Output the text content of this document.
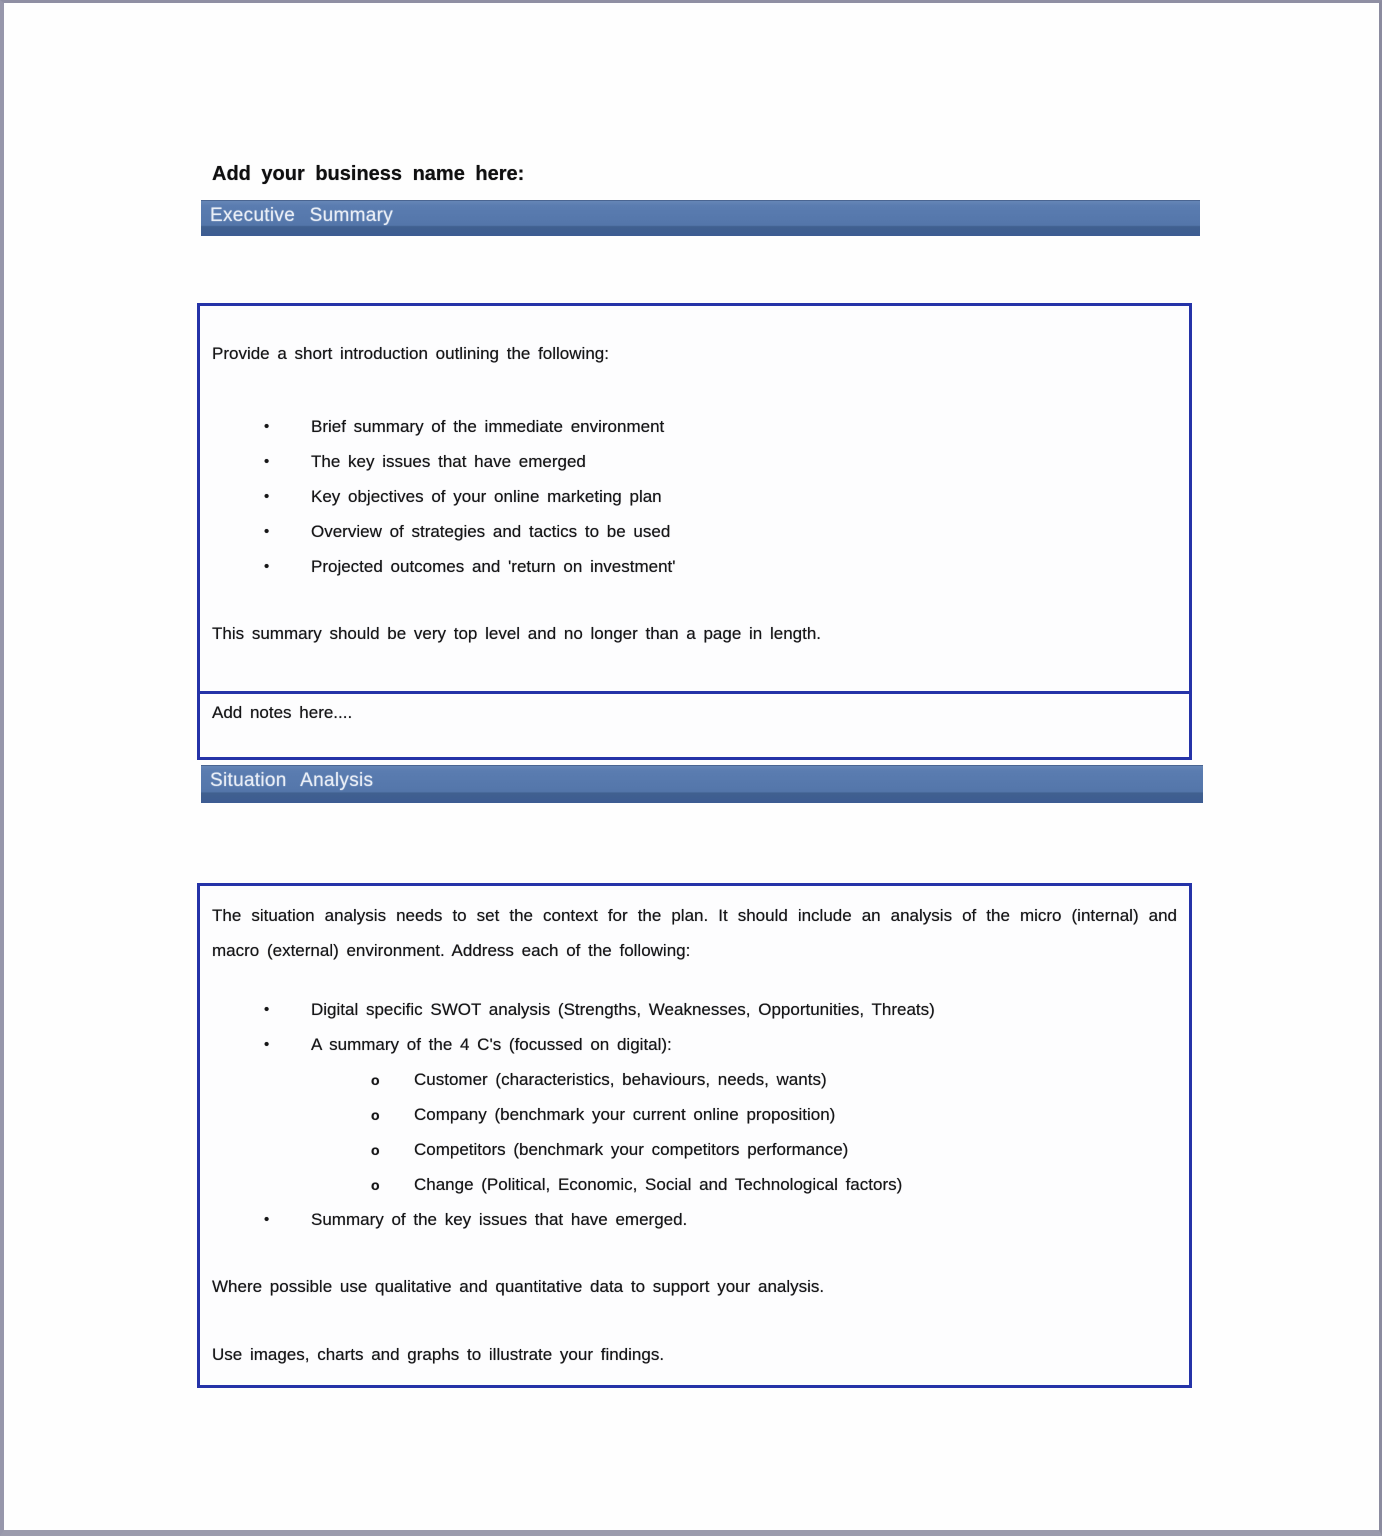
Add your business name here:
Executive Summary

Provide a short introduction outlining the following:

•	Brief summary of the immediate environment
•	The key issues that have emerged
•	Key objectives of your online marketing plan
•	Overview of strategies and tactics to be used
•	Projected outcomes and 'return on investment'

This summary should be very top level and no longer than a page in length.

Add notes here....
Situation Analysis

The situation analysis needs to set the context for the plan. It should include an analysis of the micro (internal) and macro (external) environment. Address each of the following:

•	Digital specific SWOT analysis (Strengths, Weaknesses, Opportunities, Threats)
•	A summary of the 4 C's (focussed on digital):
o	Customer (characteristics, behaviours, needs, wants)
o	Company (benchmark your current online proposition)
o	Competitors (benchmark your competitors performance)
o	Change (Political, Economic, Social and Technological factors)
•	Summary of the key issues that have emerged.

Where possible use qualitative and quantitative data to support your analysis.

Use images, charts and graphs to illustrate your findings.
